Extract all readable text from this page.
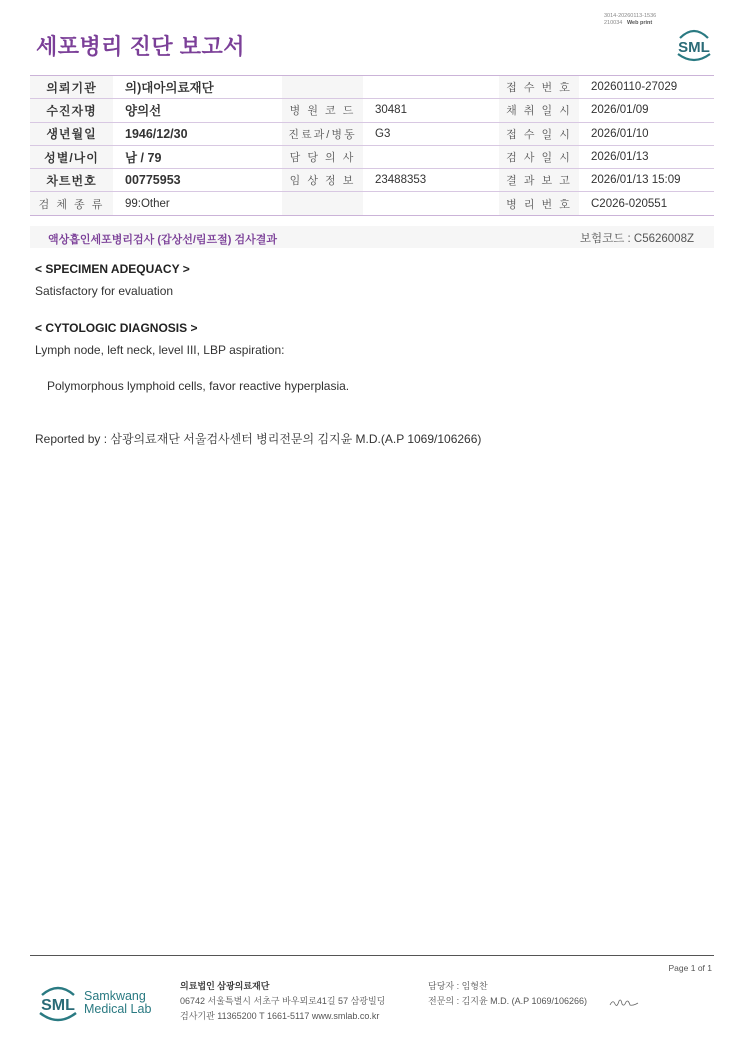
세포병리 진단 보고서
3014-20260113-1536
210034 Web print
SML
의뢰기관	의)대아의료재단			접 수 번 호	20260110-27029
수진자명	양의선	병 원 코 드	30481	채 취 일 시	2026/01/09
생년월일	1946/12/30	진료과/병동	G3	접 수 일 시	2026/01/10
성별/나이	남 / 79	담 당 의 사		검 사 일 시	2026/01/13
차트번호	00775953	임 상 정 보	23488353	결 과 보 고	2026/01/13 15:09
검 체 종 류	99:Other			병 리 번 호	C2026-020551
액상흡인세포병리검사 (갑상선/림프절) 검사결과	보험코드 : C5626008Z
< SPECIMEN ADEQUACY >
Satisfactory for evaluation
< CYTOLOGIC DIAGNOSIS >
Lymph node, left neck, level III, LBP aspiration:
Polymorphous lymphoid cells, favor reactive hyperplasia.
Reported by : 삼광의료재단 서울검사센터 병리전문의 김지윤 M.D.(A.P 1069/106266)
Page 1 of 1
SML
Samkwang
Medical Lab
의료법인 삼광의료재단
06742 서울특별시 서초구 바우뫼로41길 57 삼광빌딩
검사기관 11365200 T 1661-5117 www.smlab.co.kr
담당자 : 임형찬
전문의 : 김지윤 M.D. (A.P 1069/106266)
